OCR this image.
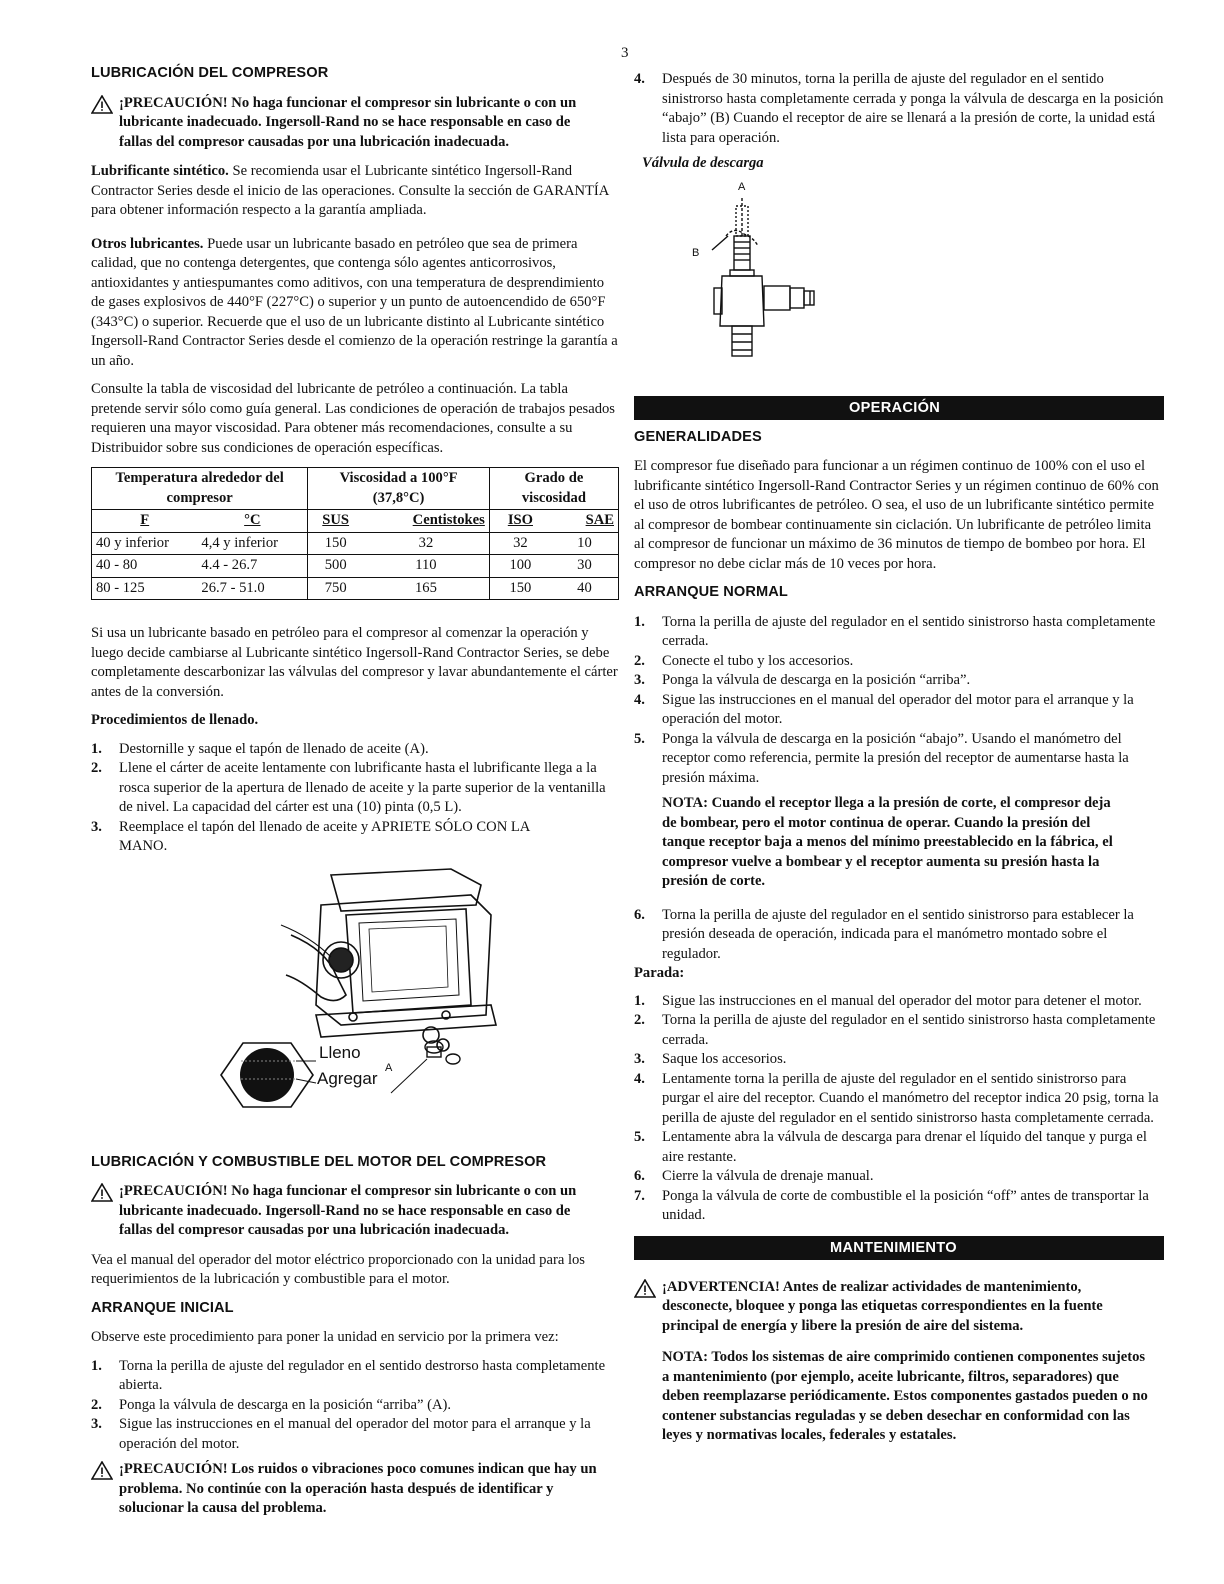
3
LUBRICACIÓN DEL COMPRESOR
¡PRECAUCIÓN! No haga funcionar el compresor sin lubricante o con un lubricante inadecuado. Ingersoll-Rand no se hace responsable en caso de fallas del compresor causadas por una lubricación inadecuada.

Lubrificante sintético. Se recomienda usar el Lubricante sintético Ingersoll-Rand Contractor Series desde el inicio de las operaciones. Consulte la sección de GARANTÍA para obtener información respecto a la garantía ampliada.

Otros lubricantes. Puede usar un lubricante basado en petróleo que sea de primera calidad, que no contenga detergentes, que contenga sólo agentes anticorrosivos, antioxidantes y antiespumantes como aditivos, con una temperatura de desprendimiento de gases explosivos de 440°F (227°C) o superior y un punto de autoencendido de 650°F (343°C) o superior. Recuerde que el uso de un lubricante distinto al Lubricante sintético Ingersoll-Rand Contractor Series desde el comienzo de la operación restringe la garantía a un año.

Consulte la tabla de viscosidad del lubricante de petróleo a continuación. La tabla pretende servir sólo como guía general. Las condiciones de operación de trabajos pesados requieren una mayor viscosidad. Para obtener más recomendaciones, consulte a su Distribuidor sobre sus condiciones de operación específicas.

Temperatura alrededor del compresor		Viscosidad a 100°F (37,8°C)		Grado de viscosidad	
F	°C	SUS	Centistokes	ISO	SAE
40 y inferior	4,4 y inferior	150	32	32	10
40 - 80	4.4 - 26.7	500	110	100	30
80 - 125	26.7 - 51.0	750	165	150	40

Si usa un lubricante basado en petróleo para el compresor al comenzar la operación y luego decide cambiarse al Lubricante sintético Ingersoll-Rand Contractor Series, se debe completamente descarbonizar las válvulas del compresor y lavar abundantemente el cárter antes de la conversión.

Procedimientos de llenado.

1.	Destornille y saque el tapón de llenado de aceite (A).
2.	Llene el cárter de aceite lentamente con lubrificante hasta el lubrificante llega a la rosca superior de la apertura de llenado de aceite y la parte superior de la ventanilla de nivel. La capacidad del cárter est una (10) pinta (0,5 L).
3.	Reemplace el tapón del llenado de aceite y APRIETE SÓLO CON LA MANO.
Lleno
Agregar
A
LUBRICACIÓN Y COMBUSTIBLE DEL MOTOR DEL COMPRESOR
¡PRECAUCIÓN! No haga funcionar el compresor sin lubricante o con un lubricante inadecuado. Ingersoll-Rand no se hace responsable en caso de fallas del compresor causadas por una lubricación inadecuada.

Vea el manual del operador del motor eléctrico proporcionado con la unidad para los requerimientos de la lubricación y combustible para el motor.

ARRANQUE INICIAL

Observe este procedimiento para poner la unidad en servicio por la primera vez:

1.	Torna la perilla de ajuste del regulador en el sentido destrorso hasta completamente abierta.
2.	Ponga la válvula de descarga en la posición “arriba” (A).
3.	Sigue las instrucciones en el manual del operador del motor para el arranque y la operación del motor.
¡PRECAUCIÓN! Los ruidos o vibraciones poco comunes indican que hay un problema. No continúe con la operación hasta después de identificar y solucionar la causa del problema.
4.	Después de 30 minutos, torna la perilla de ajuste del regulador en el sentido sinistrorso hasta completamente cerrada y ponga la válvula de descarga en la posición “abajo” (B) Cuando el receptor de aire se llenará a la presión de corte, la unidad está lista para operación.
Válvula de descarga
A
B
OPERACIÓN
GENERALIDADES

El compresor fue diseñado para funcionar a un régimen continuo de 100% con el uso el lubrificante sintético Ingersoll-Rand Contractor Series y un régimen continuo de 60% con el uso de otros lubrificantes de petróleo. O sea, el uso de un lubrificante sintético permite al compresor de bombear continuamente sin ciclación. Un lubrificante de petróleo limita al compresor de funcionar un máximo de 36 minutos de tiempo de bombeo por hora. El compresor no debe ciclar más de 10 veces por hora.

ARRANQUE NORMAL
1.	Torna la perilla de ajuste del regulador en el sentido sinistrorso hasta completamente cerrada.
2.	Conecte el tubo y los accesorios.
3.	Ponga la válvula de descarga en la posición “arriba”.
4.	Sigue las instrucciones en el manual del operador del motor para el arranque y la operación del motor.
5.	Ponga la válvula de descarga en la posición “abajo”. Usando el manómetro del receptor como referencia, permite la presión del receptor de aumentarse hasta la presión máxima.
NOTA: Cuando el receptor llega a la presión de corte, el compresor deja de bombear, pero el motor continua de operar. Cuando la presión del tanque receptor baja a menos del mínimo preestablecido en la fábrica, el compresor vuelve a bombear y el receptor aumenta su presión hasta la presión de corte.
6.	Torna la perilla de ajuste del regulador en el sentido sinistrorso para establecer la presión deseada de operación, indicada para el manómetro montado sobre el regulador.
Parada:
1.	Sigue las instrucciones en el manual del operador del motor para detener el motor.
2.	Torna la perilla de ajuste del regulador en el sentido sinistrorso hasta completamente cerrada.
3.	Saque los accesorios.
4.	Lentamente torna la perilla de ajuste del regulador en el sentido sinistrorso para purgar el aire del receptor. Cuando el manómetro del receptor indica 20 psig, torna la perilla de ajuste del regulador en el sentido sinistrorso hasta completamente cerrada.
5.	Lentamente abra la válvula de descarga para drenar el líquido del tanque y purga el aire restante.
6.	Cierre la válvula de drenaje manual.
7.	Ponga la válvula de corte de combustible el la posición “off” antes de transportar la unidad.
MANTENIMIENTO
¡ADVERTENCIA! Antes de realizar actividades de mantenimiento, desconecte, bloquee y ponga las etiquetas correspondientes en la fuente principal de energía y libere la presión de aire del sistema.
NOTA: Todos los sistemas de aire comprimido contienen componentes sujetos a mantenimiento (por ejemplo, aceite lubricante, filtros, separadores) que deben reemplazarse periódicamente. Estos componentes gastados pueden o no contener substancias reguladas y se deben desechar en conformidad con las leyes y normativas locales, federales y estatales.
